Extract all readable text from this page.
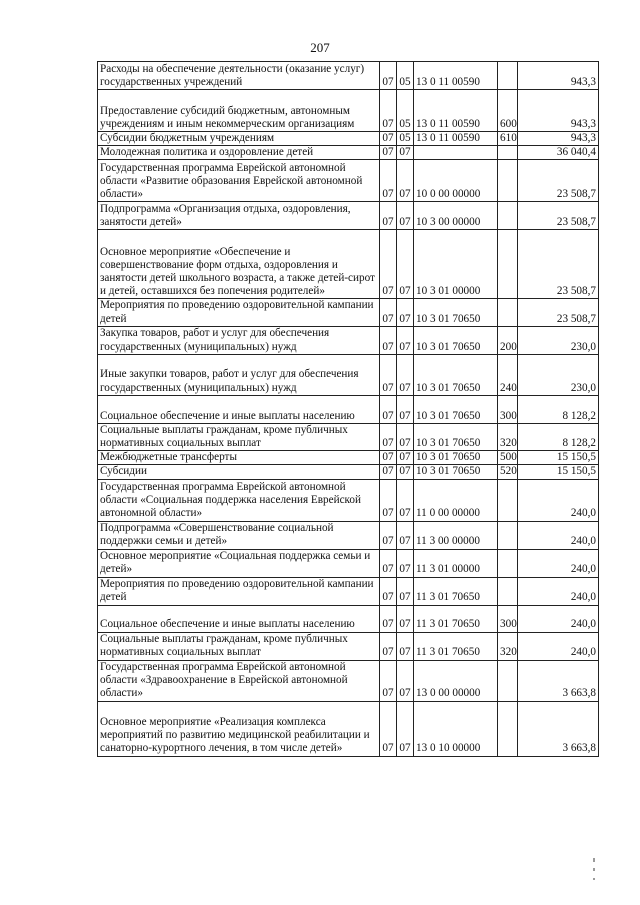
207
Расходы на обеспечение деятельности (оказание услуг) государственных учреждений	07	05	13 0 11 00590		943,3
Предоставление субсидий бюджетным, автономным учреждениям и иным некоммерческим организациям	07	05	13 0 11 00590	600	943,3
Субсидии бюджетным учреждениям	07	05	13 0 11 00590	610	943,3
Молодежная политика и оздоровление детей	07	07			36 040,4
Государственная программа Еврейской автономной области «Развитие образования Еврейской автономной области»	07	07	10 0 00 00000		23 508,7
Подпрограмма «Организация отдыха, оздоровления, занятости детей»	07	07	10 3 00 00000		23 508,7
Основное мероприятие «Обеспечение и совершенствование форм отдыха, оздоровления и занятости детей школьного возраста, а также детей-сирот и детей, оставшихся без попечения родителей»	07	07	10 3 01 00000		23 508,7
Мероприятия по проведению оздоровительной кампании детей	07	07	10 3 01 70650		23 508,7
Закупка товаров, работ и услуг для обеспечения государственных (муниципальных) нужд	07	07	10 3 01 70650	200	230,0
Иные закупки товаров, работ и услуг для обеспечения государственных (муниципальных) нужд	07	07	10 3 01 70650	240	230,0
Социальное обеспечение и иные выплаты населению	07	07	10 3 01 70650	300	8 128,2
Социальные выплаты гражданам, кроме публичных нормативных социальных выплат	07	07	10 3 01 70650	320	8 128,2
Межбюджетные трансферты	07	07	10 3 01 70650	500	15 150,5
Субсидии	07	07	10 3 01 70650	520	15 150,5
Государственная программа Еврейской автономной области «Социальная поддержка населения Еврейской автономной области»	07	07	11 0 00 00000		240,0
Подпрограмма «Совершенствование социальной поддержки семьи и детей»	07	07	11 3 00 00000		240,0
Основное мероприятие «Социальная поддержка семьи и детей»	07	07	11 3 01 00000		240,0
Мероприятия по проведению оздоровительной кампании детей	07	07	11 3 01 70650		240,0
Социальное обеспечение и иные выплаты населению	07	07	11 3 01 70650	300	240,0
Социальные выплаты гражданам, кроме публичных нормативных социальных выплат	07	07	11 3 01 70650	320	240,0
Государственная программа Еврейской автономной области «Здравоохранение в Еврейской автономной области»	07	07	13 0 00 00000		3 663,8
Основное мероприятие «Реализация комплекса мероприятий по развитию медицинской реабилитации и санаторно-курортного лечения, в том числе детей»	07	07	13 0 10 00000		3 663,8
